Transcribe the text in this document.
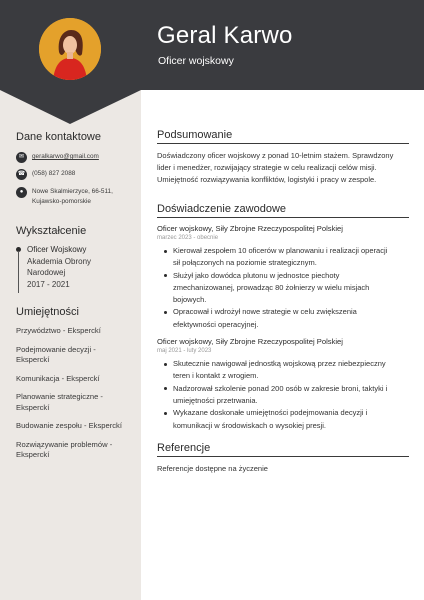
Geral Karwo
Oficer wojskowy
Dane kontaktowe
✉	geralkarwo@gmail.com
☎ (058) 827 2088
●	Nowe Skalmierzyce, 66-511,
Kujawsko-pomorskie
Wykształcenie
Oficer Wojskowy
Akademia Obrony
Narodowej
2017 - 2021
Umiejętności
Przywództwo - Eksperckí
Podejmowanie decyzji -
Eksperckí
Komunikacja - Eksperckí
Planowanie strategiczne -
Eksperckí
Budowanie zespołu - Eksperckí
Rozwiązywanie problemów -
Eksperckí
Podsumowanie
Doświadczony oficer wojskowy z ponad 10-letnim stażem. Sprawdzony
lider i menedżer, rozwijający strategie w celu realizacji celów misji.
Umiejętność rozwiązywania konfliktów, logistyki i pracy w zespole.
Doświadczenie zawodowe
Oficer wojskowy, Siły Zbrojne Rzeczypospolitej Polskiej
marzec 2023 - obecnie
Kierował zespołem 10 oficerów w planowaniu i realizacji operacji
sił połączonych na poziomie strategicznym.
Służył jako dowódca plutonu w jednostce piechoty
zmechanizowanej, prowadząc 80 żołnierzy w wielu misjach
bojowych.
Opracował i wdrożył nowe strategie w celu zwiększenia
efektywności operacyjnej.
Oficer wojskowy, Siły Zbrojne Rzeczypospolitej Polskiej
maj 2021 - luty 2023
Skutecznie nawigował jednostką wojskową przez niebezpieczny
teren i kontakt z wrogiem.
Nadzorował szkolenie ponad 200 osób w zakresie broni, taktyki i
umiejętności przetrwania.
Wykazane doskonałe umiejętności podejmowania decyzji i
komunikacji w środowiskach o wysokiej presji.
Referencje
Referencje dostępne na życzenie
